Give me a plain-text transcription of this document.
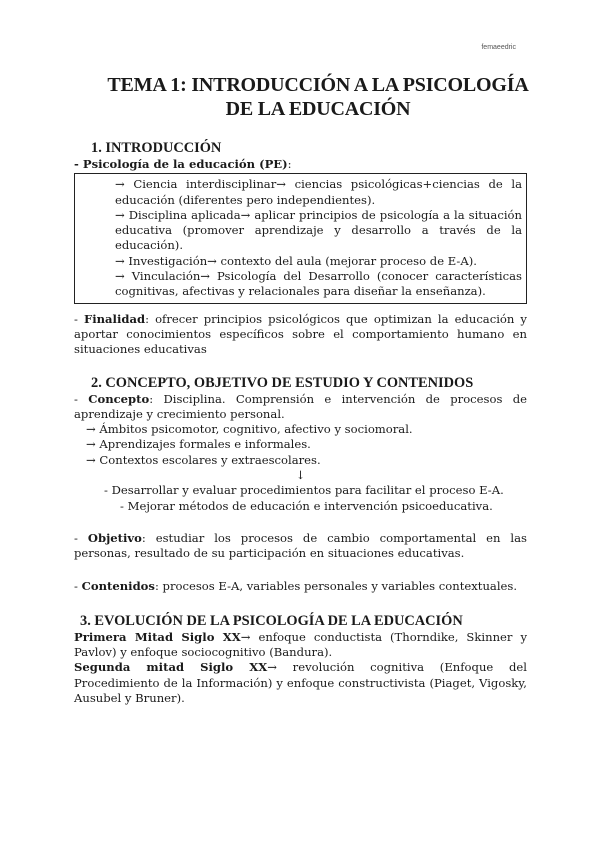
femaeedric
TEMA 1: INTRODUCCIÓN A LA PSICOLOGÍA
DE LA EDUCACIÓN
1. INTRODUCCIÓN

- Psicología de la educación (PE):

→ Ciencia interdisciplinar→ ciencias psicológicas+ciencias de la educación (diferentes pero independientes).

→ Disciplina aplicada→ aplicar principios de psicología a la situación educativa (promover aprendizaje y desarrollo a través de la educación).

→ Investigación→ contexto del aula (mejorar proceso de E-A).

→ Vinculación→ Psicología del Desarrollo (conocer características cognitivas, afectivas y relacionales para diseñar la enseñanza).

- Finalidad: ofrecer principios psicológicos que optimizan la educación y aportar conocimientos específicos sobre el comportamiento humano en situaciones educativas

2. CONCEPTO, OBJETIVO DE ESTUDIO Y CONTENIDOS

- Concepto: Disciplina. Comprensión e intervención de procesos de aprendizaje y crecimiento personal.

→ Ámbitos psicomotor, cognitivo, afectivo y sociomoral.

→ Aprendizajes formales e informales.

→ Contextos escolares y extraescolares.

↓

- Desarrollar y evaluar procedimientos para facilitar el proceso E-A.

- Mejorar métodos de educación e intervención psicoeducativa.

- Objetivo: estudiar los procesos de cambio comportamental en las personas, resultado de su participación en situaciones educativas.

- Contenidos: procesos E-A, variables personales y variables contextuales.

3. EVOLUCIÓN DE LA PSICOLOGÍA DE LA EDUCACIÓN

Primera Mitad Siglo XX→ enfoque conductista (Thorndike, Skinner y Pavlov) y enfoque sociocognitivo (Bandura).

Segunda mitad Siglo XX→ revolución cognitiva (Enfoque del Procedimiento de la Información) y enfoque constructivista (Piaget, Vigosky, Ausubel y Bruner).
